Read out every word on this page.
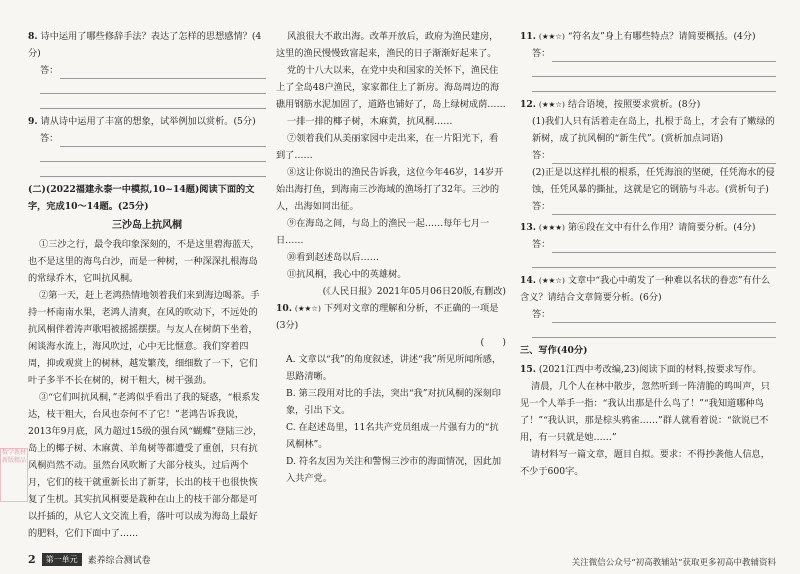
数学教材新版精品
8. 诗中运用了哪些修辞手法？表达了怎样的思想感情？(4分)
答：
9. 请从诗中运用了丰富的想象，试举例加以赏析。(5分)
答：
(二)(2022福建永泰一中模拟,10~14题)阅读下面的文字，完成10～14题。(25分)
三沙岛上抗风桐

①三沙之行，最令我印象深刻的，不是这里碧海蓝天，也不是这里的海鸟白沙，而是一种树，一种深深扎根海岛的常绿乔木，它叫抗风桐。

②第一天，赶上老鸿热情地领着我们来到海边喝茶。手持一杯南南水果，老鸿人清爽，在风的吹动下，不远处的抗风桐伴着涛声歌唱被摇摇摆摆。与友人在树荫下坐着，闲谈海水流上，海风吹过，心中无比惬意。我们穿着四周，抑或观赏上的树林，越发繁茂，细细数了一下，它们叶子多半不长在树的，树干粗大，树干强劲。

③“它们叫抗风桐，”老鸿似乎看出了我的疑惑，“根系发达，枝干粗大，台风也奈何不了它！”老鸿告诉我说，2013年9月底，风力超过15级的强台风“蝴蝶”登陆三沙，岛上的椰子树、木麻黄、羊角树等都遭受了重创，只有抗风桐岿然不动。虽然台风吹断了大部分枝头，过后两个月，它们的枝干就重新长出了新芽，长出的枝干也很快恢复了生机。其实抗风桐要是栽种在山上的枝干部分都是可以扦插的，从它人文交流上看，落叶可以成为海岛上最好的肥料，它们下面中了……

风浪很大不敢出海。改革开放后，政府为渔民建房，这里的渔民慢慢致富起来，渔民的日子渐渐好起来了。

党的十八大以来，在党中央和国家的关怀下，渔民住上了全岛48户渔民，家家都住上了新房。海岛周边的海礁用钢筋水泥加固了，道路也铺好了，岛上绿树成荫……

一排一排的椰子树，木麻黄，抗风桐……

⑦领着我们从美丽家园中走出来，在一片阳光下，看到了……

⑧这让你说出的渔民告诉我，这位今年46岁，14岁开始出海打鱼，到海南三沙海域的渔场打了32年。三沙的人，出海如同出征。

⑨在海岛之间，与岛上的渔民一起……每年七月一日……

⑩看到赵述岛以后……

⑪抗风桐，我心中的英雄树。

(《人民日报》2021年05月06日20版,有删改)
10. (★★☆) 下列对文章的理解和分析，不正确的一项是(3分)
(　　)
A. 文章以“我”的角度叙述，讲述“我”所见所闻所感，思路清晰。
B. 第三段用对比的手法，突出“我”对抗风桐的深刻印象，引出下文。
C. 在赵述岛里，11名共产党员组成一片强有力的“抗风桐林”。
D. 符名友因为关注和警惕三沙市的海面情况，因此加入共产党。
11. (★★☆) “符名友”身上有哪些特点？请简要概括。(4分)
答：
12. (★★☆) 结合语境，按照要求赏析。(8分)
(1)我们人只有活着走在岛上，扎根于岛上，才会有了嫩绿的新树，成了抗风桐的“新生代”。(赏析加点词语)
答：
(2)正是以这样扎根的根系，任凭海浪的坚硬，任凭海水的侵蚀，任凭风暴的撕扯，这就是它的钢筋与斗志。(赏析句子)
答：
13. (★★★) 第⑥段在文中有什么作用？请简要分析。(4分)
答：
14. (★★☆) 文章中“我心中萌发了一种难以名状的眷恋”有什么含义？请结合文章简要分析。(6分)
答：
三、写作(40分)
15. (2021江西中考改编,23)阅读下面的材料,按要求写作。

清晨，几个人在林中散步，忽然听到一阵清脆的鸣叫声，只见一个人举手一指：“我认出那是什么鸟了！”“我知道哪种鸟了！”“我认识，那是棕头鸦雀……”群人就看着说：“欲说已不用，有一只就是她……”

请材料写一篇文章，题目自拟。要求：不得抄袭他人信息，不少于600字。

2	第一单元	素养综合测试卷	关注微信公众号“初高教辅站”获取更多初高中教辅资料
